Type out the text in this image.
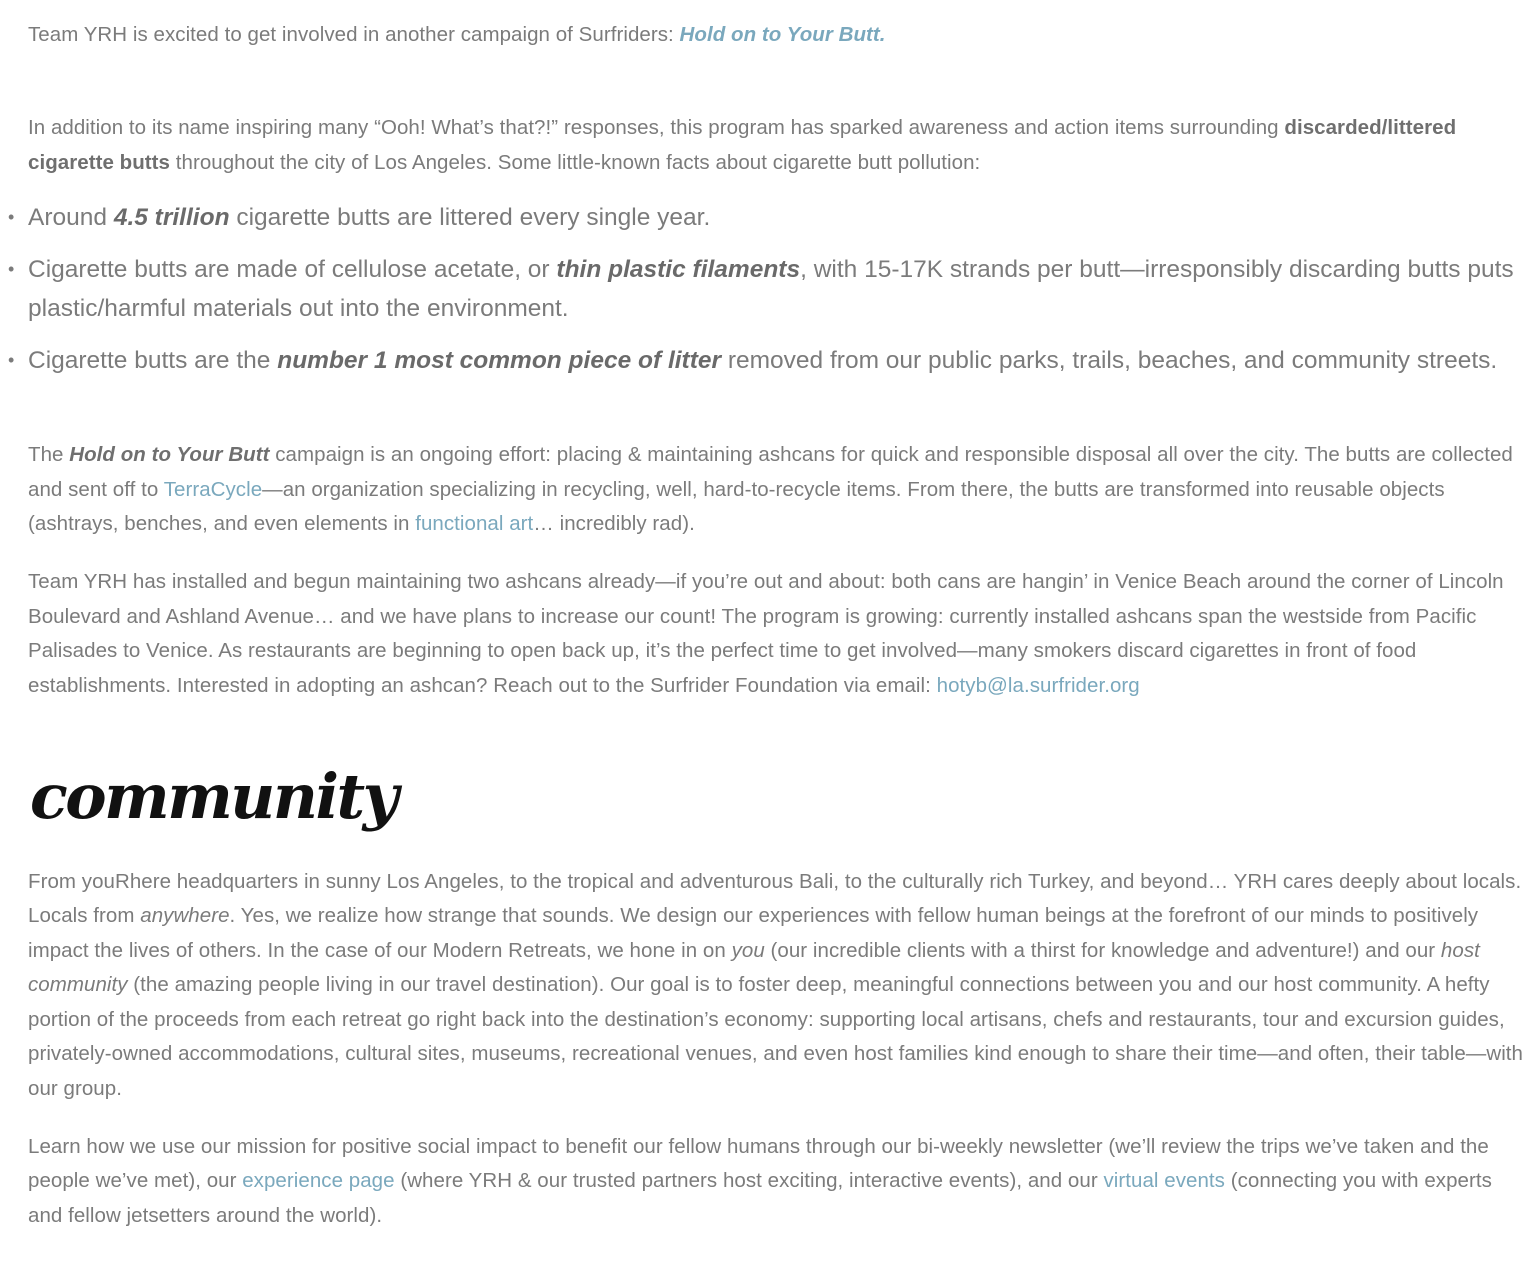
Team YRH is excited to get involved in another campaign of Surfriders: Hold on to Your Butt.

In addition to its name inspiring many “Ooh! What’s that?!” responses, this program has sparked awareness and action items surrounding discarded/littered cigarette butts throughout the city of Los Angeles. Some little-known facts about cigarette butt pollution:

• Around 4.5 trillion cigarette butts are littered every single year.
• Cigarette butts are made of cellulose acetate, or thin plastic filaments, with 15-17K strands per butt—irresponsibly discarding butts puts plastic/harmful materials out into the environment.
• Cigarette butts are the number 1 most common piece of litter removed from our public parks, trails, beaches, and community streets.

The Hold on to Your Butt campaign is an ongoing effort: placing & maintaining ashcans for quick and responsible disposal all over the city. The butts are collected and sent off to TerraCycle—an organization specializing in recycling, well, hard-to-recycle items. From there, the butts are transformed into reusable objects (ashtrays, benches, and even elements in functional art… incredibly rad).

Team YRH has installed and begun maintaining two ashcans already—if you’re out and about: both cans are hangin’ in Venice Beach around the corner of Lincoln Boulevard and Ashland Avenue… and we have plans to increase our count! The program is growing: currently installed ashcans span the westside from Pacific Palisades to Venice. As restaurants are beginning to open back up, it’s the perfect time to get involved—many smokers discard cigarettes in front of food establishments. Interested in adopting an ashcan? Reach out to the Surfrider Foundation via email: hotyb@la.surfrider.org

community

From youRhere headquarters in sunny Los Angeles, to the tropical and adventurous Bali, to the culturally rich Turkey, and beyond… YRH cares deeply about locals. Locals from anywhere. Yes, we realize how strange that sounds. We design our experiences with fellow human beings at the forefront of our minds to positively impact the lives of others. In the case of our Modern Retreats, we hone in on you (our incredible clients with a thirst for knowledge and adventure!) and our host community (the amazing people living in our travel destination). Our goal is to foster deep, meaningful connections between you and our host community. A hefty portion of the proceeds from each retreat go right back into the destination’s economy: supporting local artisans, chefs and restaurants, tour and excursion guides, privately-owned accommodations, cultural sites, museums, recreational venues, and even host families kind enough to share their time—and often, their table—with our group.

Learn how we use our mission for positive social impact to benefit our fellow humans through our bi-weekly newsletter (we’ll review the trips we’ve taken and the people we’ve met), our experience page (where YRH & our trusted partners host exciting, interactive events), and our virtual events (connecting you with experts and fellow jetsetters around the world).
